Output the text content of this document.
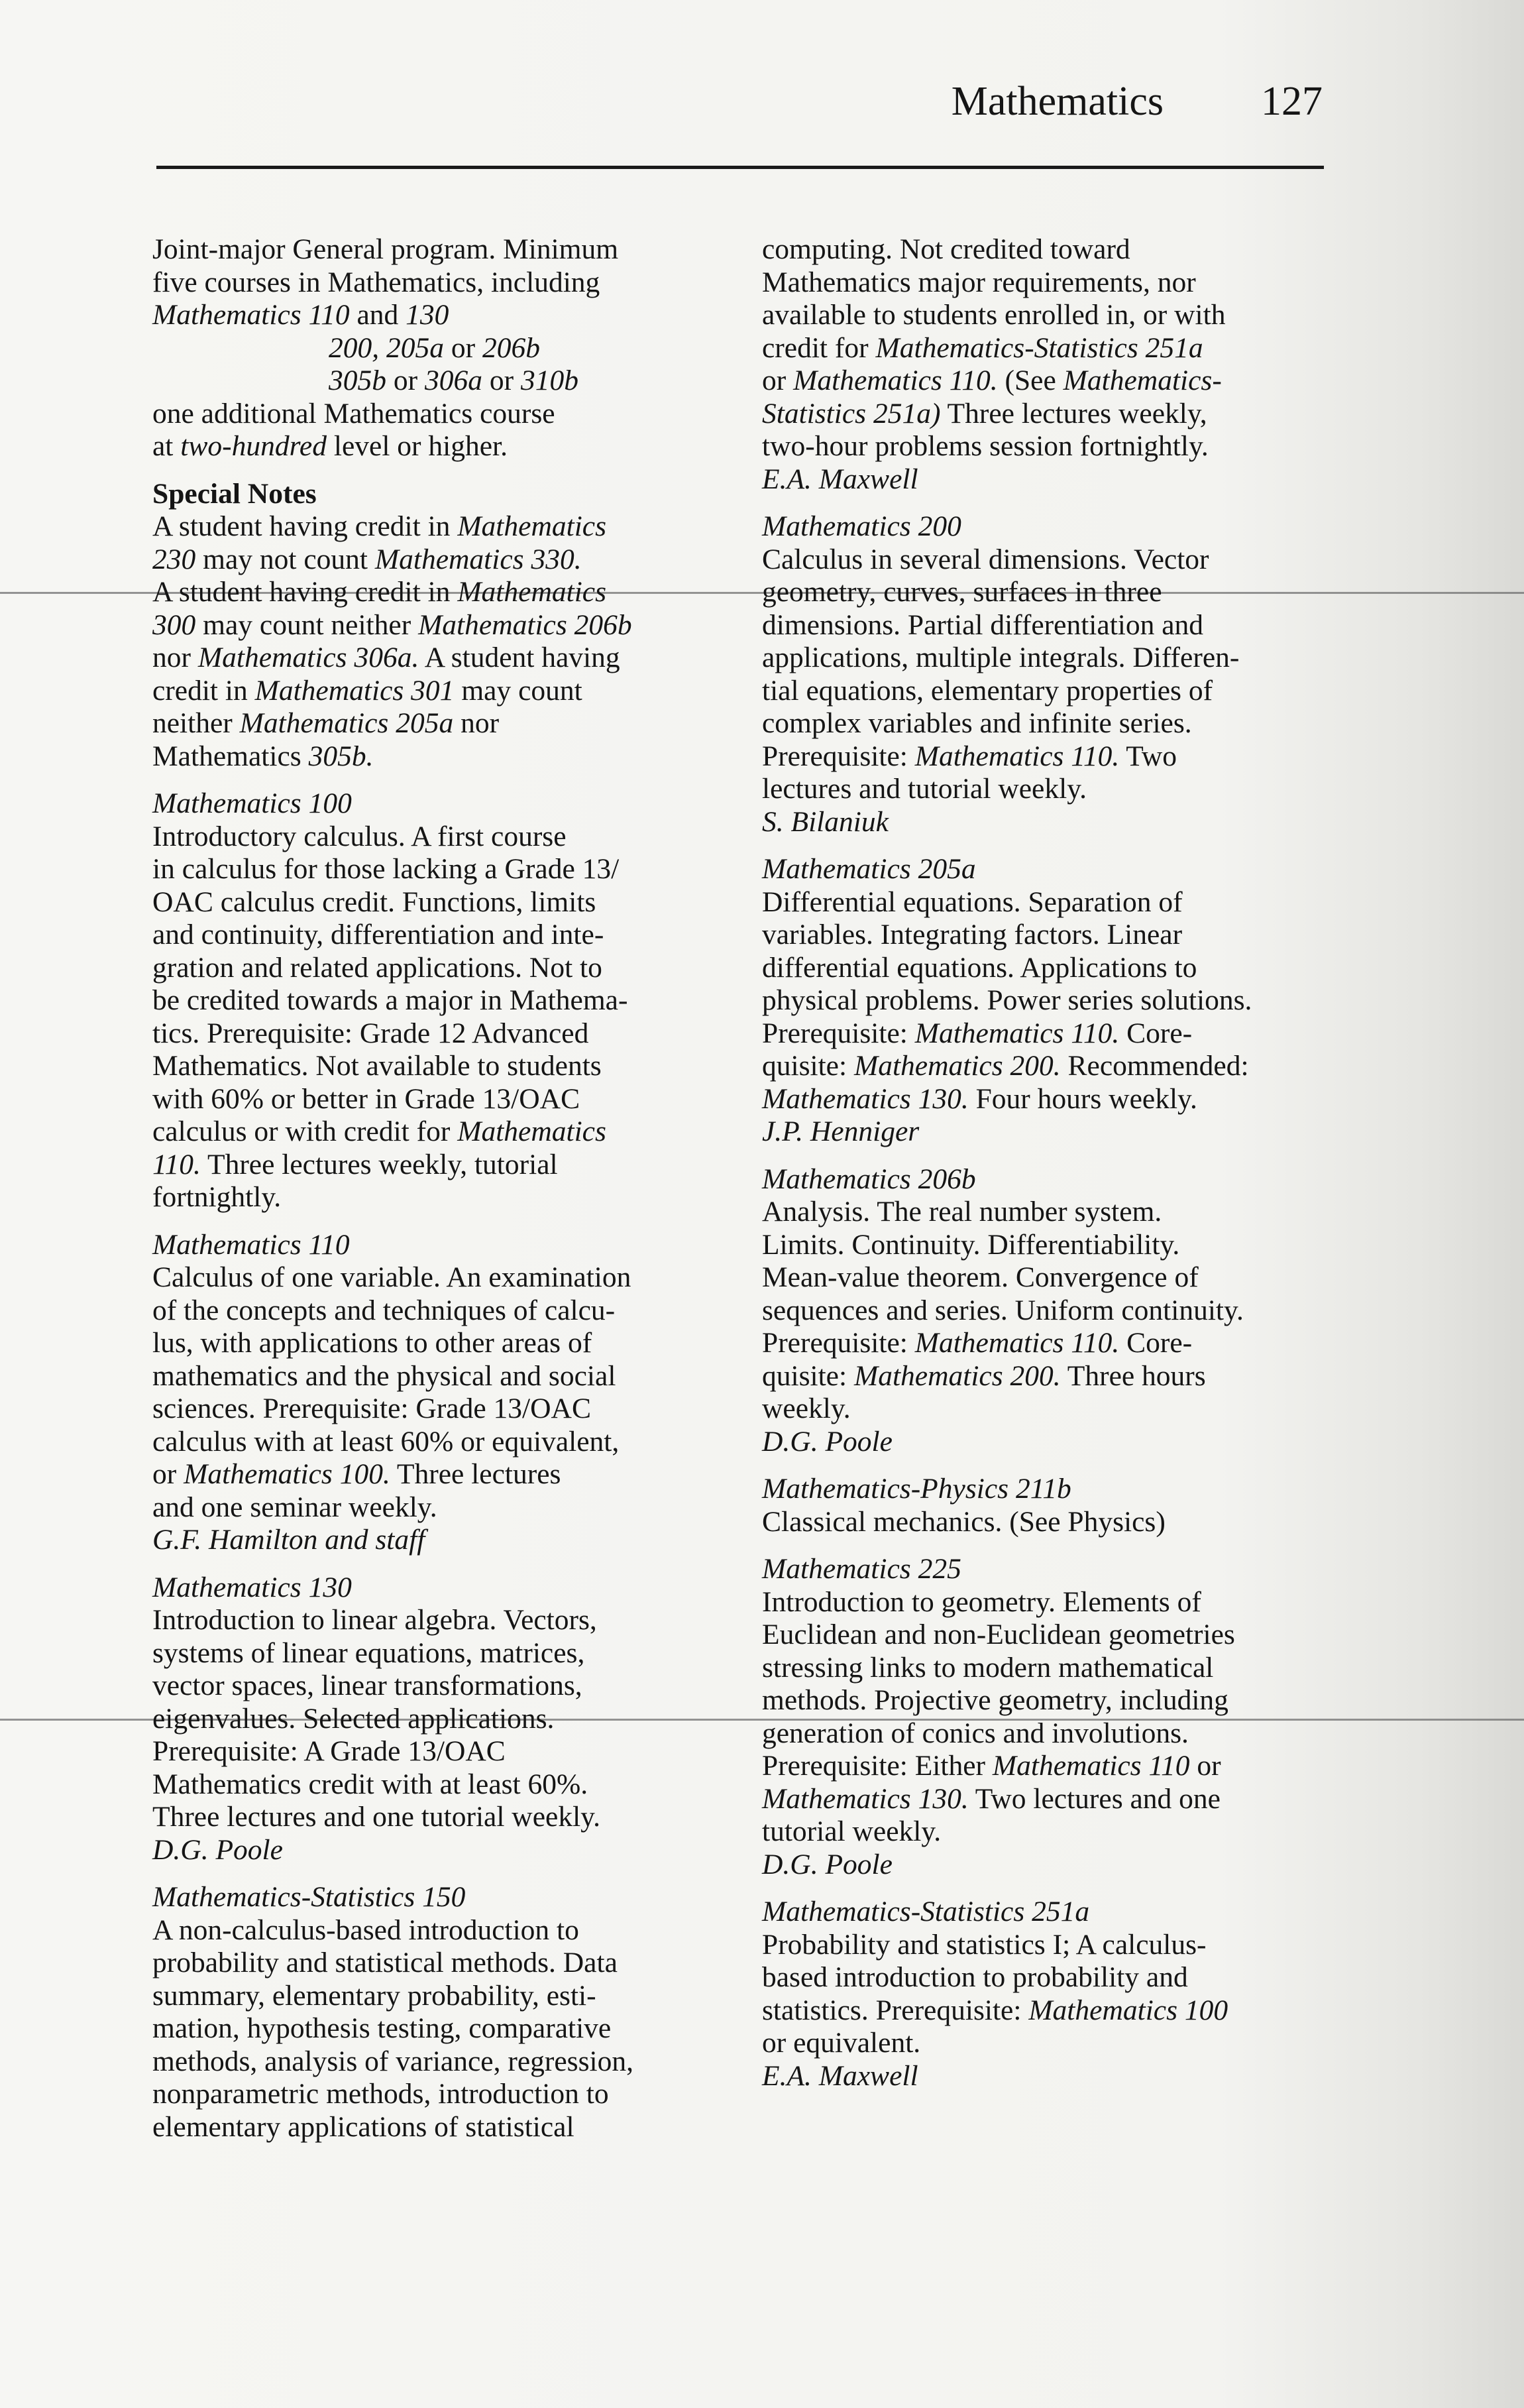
Mathematics 127
Joint-major General program. Minimum
five courses in Mathematics, including
Mathematics 110 and 130
200, 205a or 206b
305b or 306a or 310b
one additional Mathematics course
at two-hundred level or higher.
Special Notes
A student having credit in Mathematics
230 may not count Mathematics 330.
A student having credit in Mathematics
300 may count neither Mathematics 206b
nor Mathematics 306a. A student having
credit in Mathematics 301 may count
neither Mathematics 205a nor
Mathematics 305b.
Mathematics 100
Introductory calculus. A first course
in calculus for those lacking a Grade 13/
OAC calculus credit. Functions, limits
and continuity, differentiation and inte-
gration and related applications. Not to
be credited towards a major in Mathema-
tics. Prerequisite: Grade 12 Advanced
Mathematics. Not available to students
with 60% or better in Grade 13/OAC
calculus or with credit for Mathematics
110. Three lectures weekly, tutorial
fortnightly.
Mathematics 110
Calculus of one variable. An examination
of the concepts and techniques of calcu-
lus, with applications to other areas of
mathematics and the physical and social
sciences. Prerequisite: Grade 13/OAC
calculus with at least 60% or equivalent,
or Mathematics 100. Three lectures
and one seminar weekly.
G.F. Hamilton and staff
Mathematics 130
Introduction to linear algebra. Vectors,
systems of linear equations, matrices,
vector spaces, linear transformations,
eigenvalues. Selected applications.
Prerequisite: A Grade 13/OAC
Mathematics credit with at least 60%.
Three lectures and one tutorial weekly.
D.G. Poole
Mathematics-Statistics 150
A non-calculus-based introduction to
probability and statistical methods. Data
summary, elementary probability, esti-
mation, hypothesis testing, comparative
methods, analysis of variance, regression,
nonparametric methods, introduction to
elementary applications of statistical
computing. Not credited toward
Mathematics major requirements, nor
available to students enrolled in, or with
credit for Mathematics-Statistics 251a
or Mathematics 110. (See Mathematics-
Statistics 251a) Three lectures weekly,
two-hour problems session fortnightly.
E.A. Maxwell
Mathematics 200
Calculus in several dimensions. Vector
geometry, curves, surfaces in three
dimensions. Partial differentiation and
applications, multiple integrals. Differen-
tial equations, elementary properties of
complex variables and infinite series.
Prerequisite: Mathematics 110. Two
lectures and tutorial weekly.
S. Bilaniuk
Mathematics 205a
Differential equations. Separation of
variables. Integrating factors. Linear
differential equations. Applications to
physical problems. Power series solutions.
Prerequisite: Mathematics 110. Core-
quisite: Mathematics 200. Recommended:
Mathematics 130. Four hours weekly.
J.P. Henniger
Mathematics 206b
Analysis. The real number system.
Limits. Continuity. Differentiability.
Mean-value theorem. Convergence of
sequences and series. Uniform continuity.
Prerequisite: Mathematics 110. Core-
quisite: Mathematics 200. Three hours
weekly.
D.G. Poole
Mathematics-Physics 211b
Classical mechanics. (See Physics)
Mathematics 225
Introduction to geometry. Elements of
Euclidean and non-Euclidean geometries
stressing links to modern mathematical
methods. Projective geometry, including
generation of conics and involutions.
Prerequisite: Either Mathematics 110 or
Mathematics 130. Two lectures and one
tutorial weekly.
D.G. Poole
Mathematics-Statistics 251a
Probability and statistics I; A calculus-
based introduction to probability and
statistics. Prerequisite: Mathematics 100
or equivalent.
E.A. Maxwell
